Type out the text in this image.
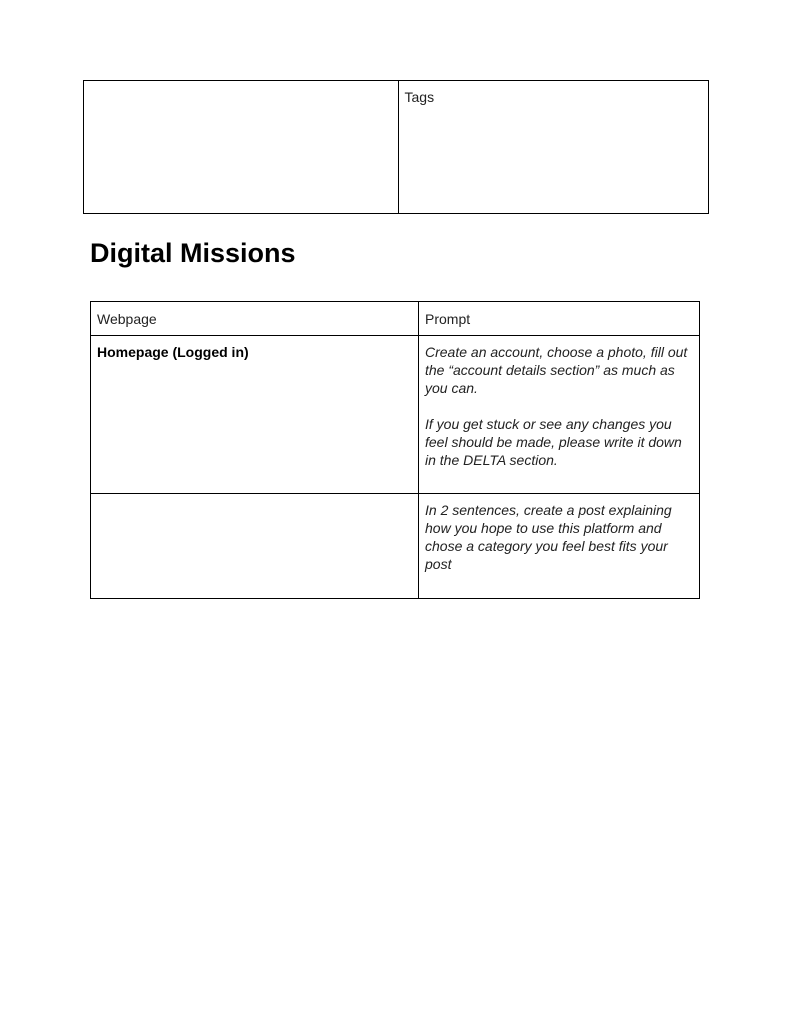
	Tags
Digital Missions
Webpage	Prompt
Homepage (Logged in)	Create an account, choose a photo, fill out the “account details section” as much as you can.
If you get stuck or see any changes you feel should be made, please write it down in the DELTA section.

	In 2 sentences, create a post explaining how you hope to use this platform and chose a category you feel best fits your post
